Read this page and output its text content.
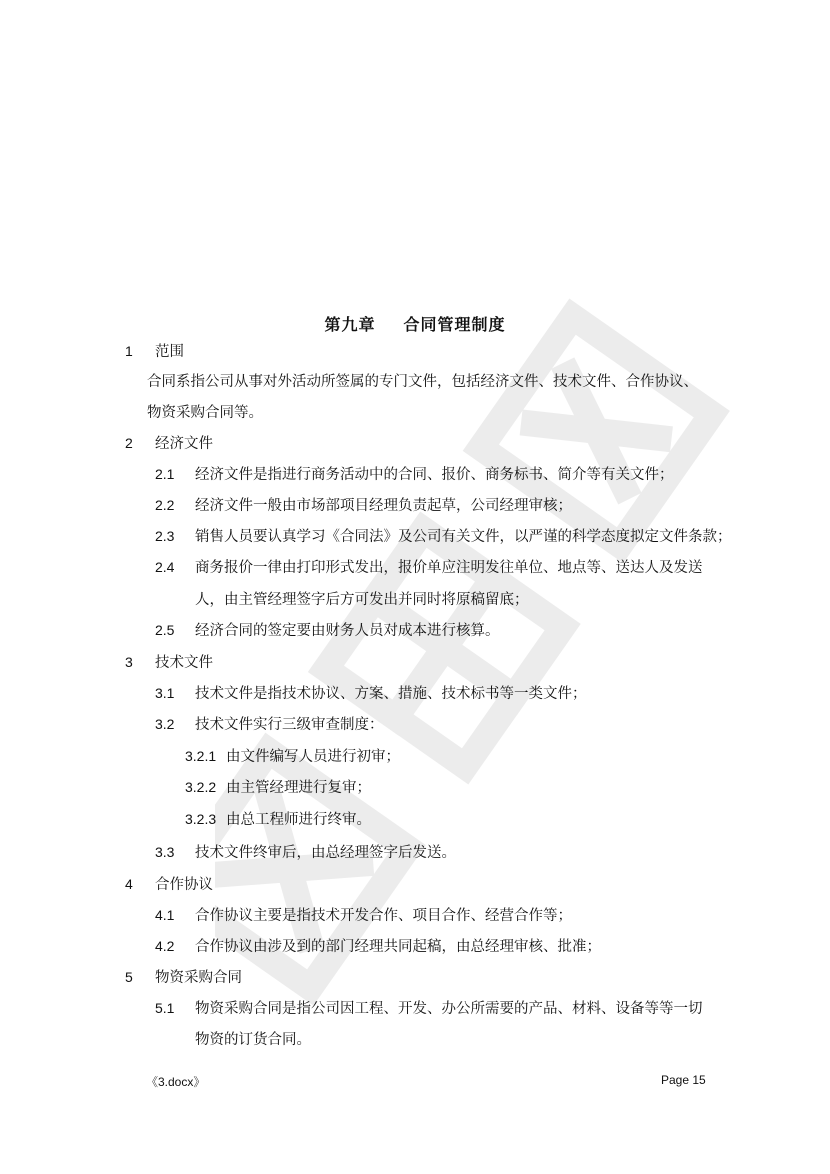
第九章 合同管理制度
1 范围
合同系指公司从事对外活动所签属的专门文件，包括经济文件、技术文件、合作协议、
物资采购合同等。
2 经济文件
2.1 经济文件是指进行商务活动中的合同、报价、商务标书、简介等有关文件；
2.2 经济文件一般由市场部项目经理负责起草，公司经理审核；
2.3 销售人员要认真学习《合同法》及公司有关文件，以严谨的科学态度拟定文件条款；
2.4 商务报价一律由打印形式发出，报价单应注明发往单位、地点等、送达人及发送
人，由主管经理签字后方可发出并同时将原稿留底；
2.5 经济合同的签定要由财务人员对成本进行核算。
3 技术文件
3.1 技术文件是指技术协议、方案、措施、技术标书等一类文件；
3.2 技术文件实行三级审查制度：
3.2.1 由文件编写人员进行初审；
3.2.2 由主管经理进行复审；
3.2.3 由总工程师进行终审。
3.3 技术文件终审后，由总经理签字后发送。
4 合作协议
4.1 合作协议主要是指技术开发合作、项目合作、经营合作等；
4.2 合作协议由涉及到的部门经理共同起稿，由总经理审核、批准；
5 物资采购合同
5.1 物资采购合同是指公司因工程、开发、办公所需要的产品、材料、设备等等一切
物资的订货合同。
《3.docx》	Page 15
